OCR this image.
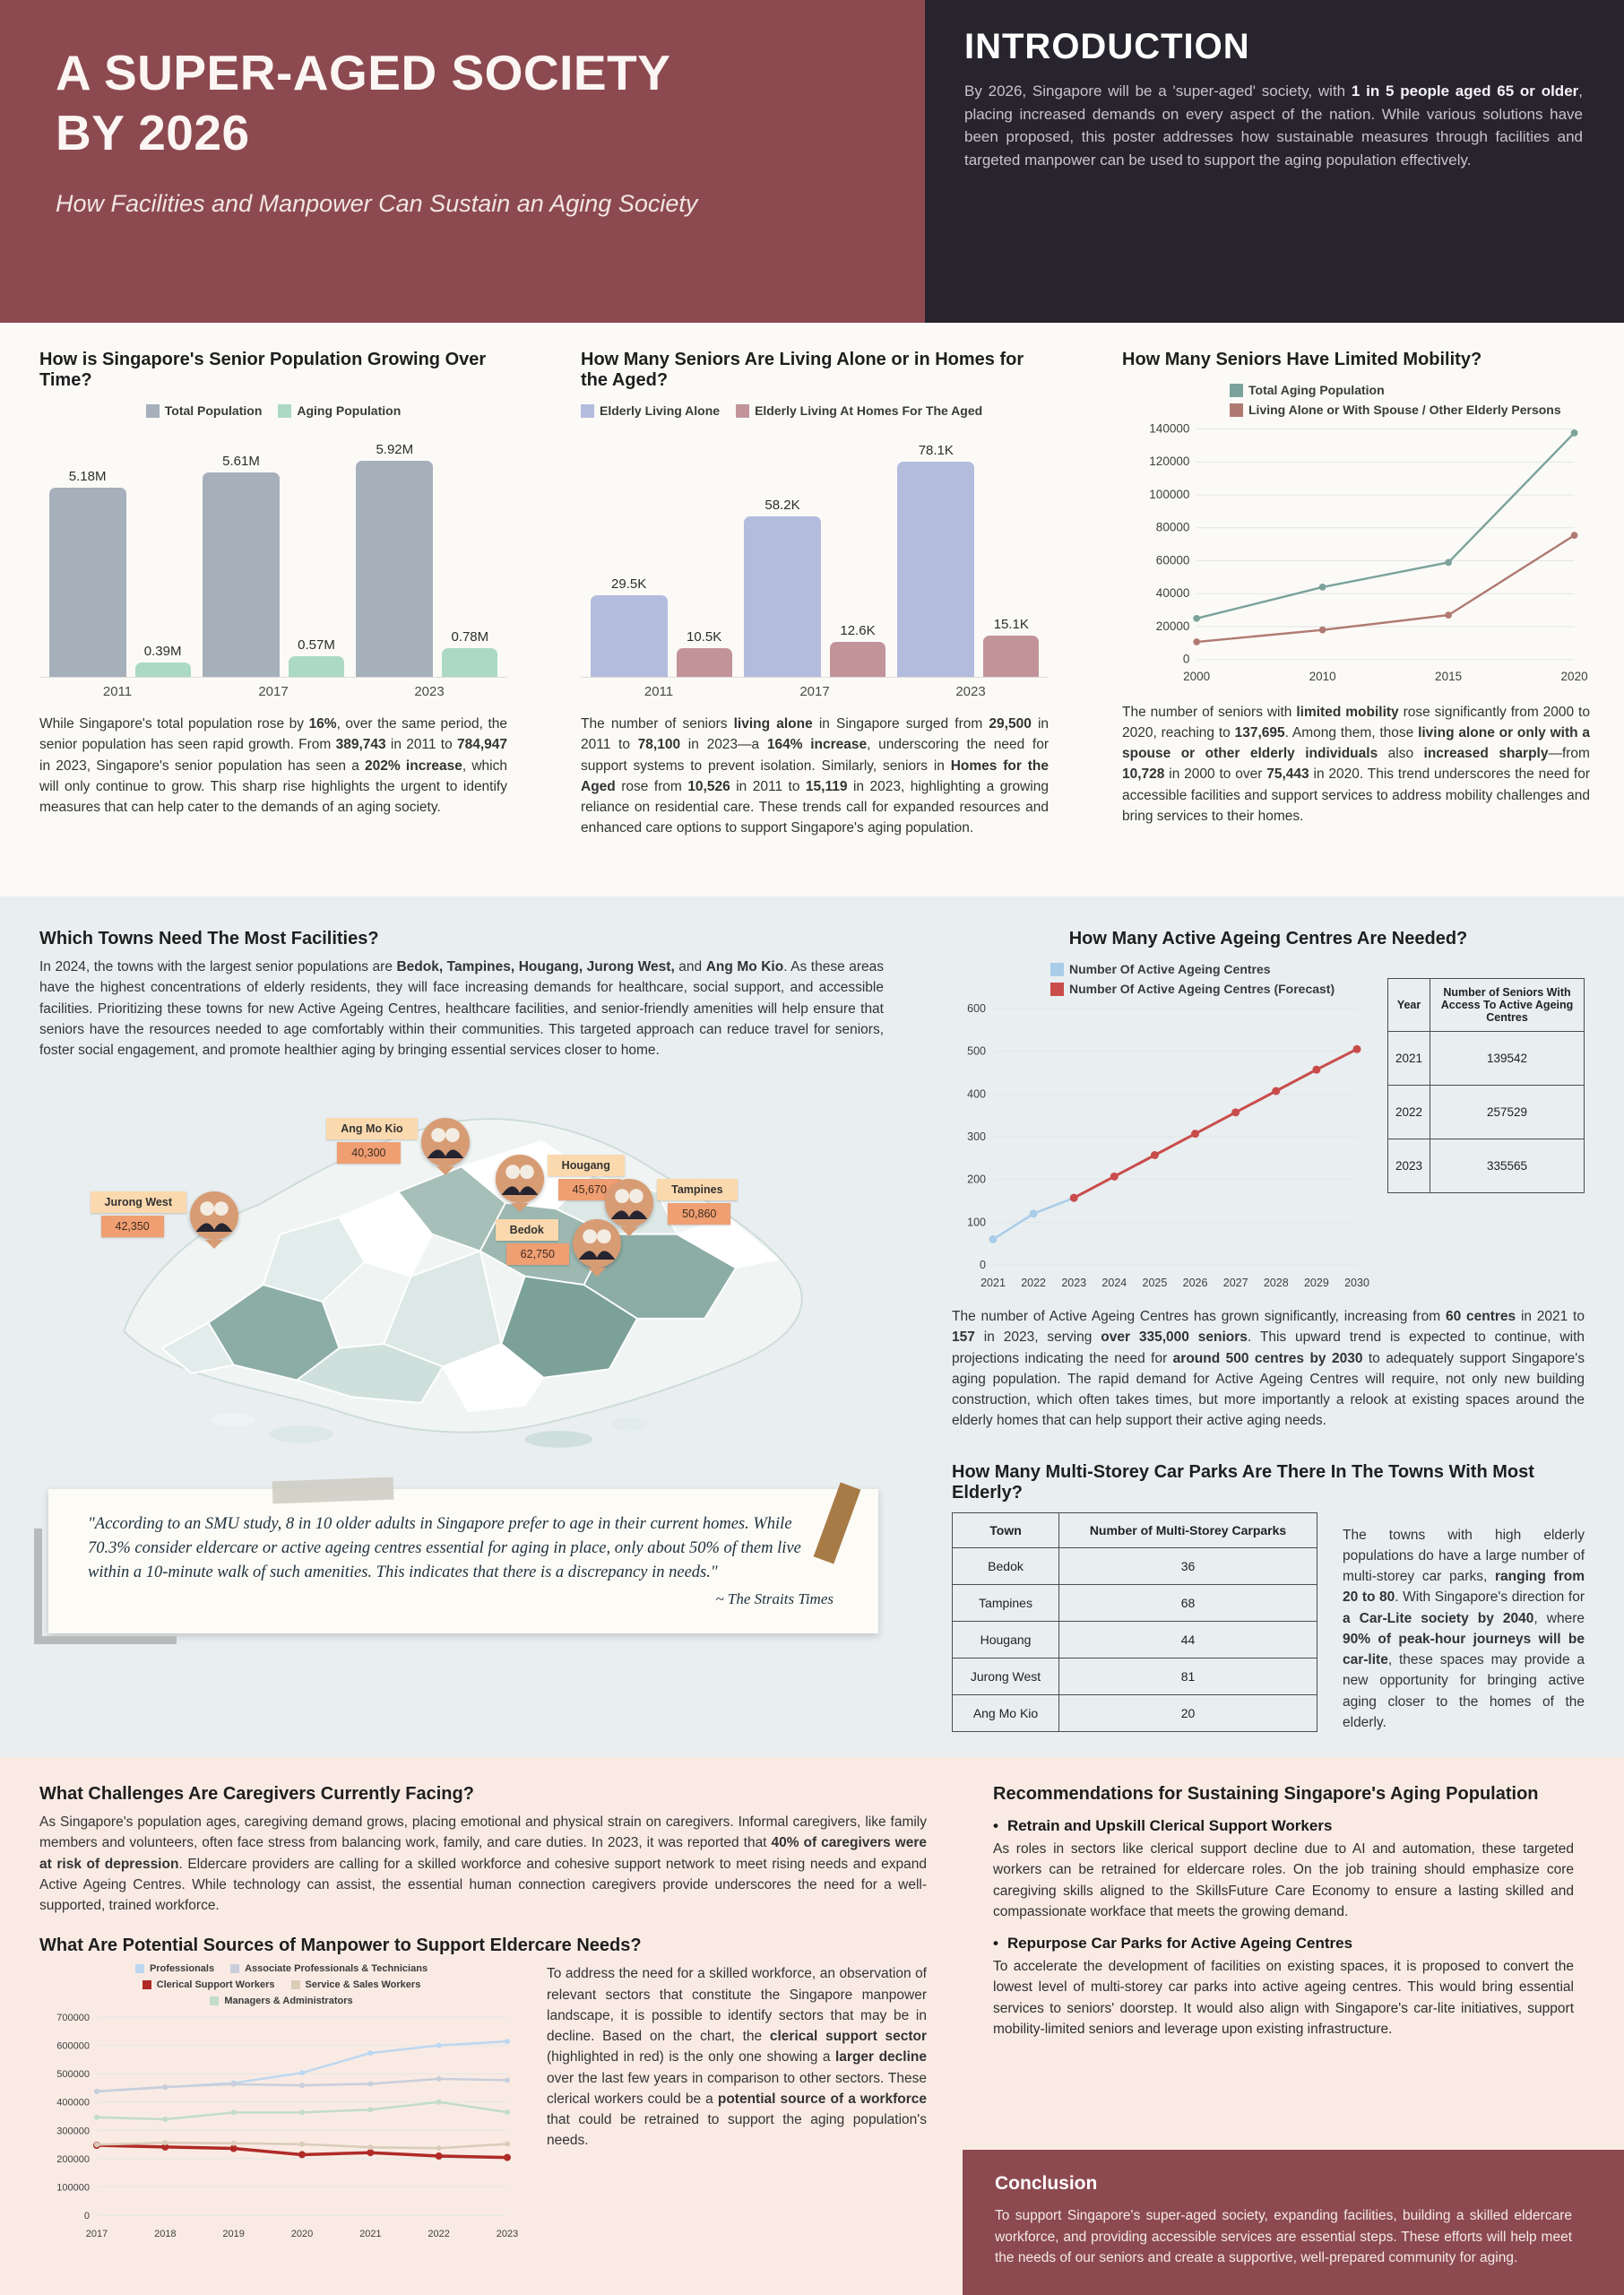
A SUPER-AGED SOCIETY
BY 2026
How Facilities and Manpower Can Sustain an Aging Society
INTRODUCTION
By 2026, Singapore will be a 'super-aged' society, with 1 in 5 people aged 65 or older, placing increased demands on every aspect of the nation. While various solutions have been proposed, this poster addresses how sustainable measures through facilities and targeted manpower can be used to support the aging population effectively.
How is Singapore's Senior Population Growing Over Time?
Total Population	Aging Population
5.18M
0.39M
5.61M
0.57M
5.92M
0.78M
2011	2017	2023
While Singapore's total population rose by 16%, over the same period, the senior population has seen rapid growth. From 389,743 in 2011 to 784,947 in 2023, Singapore's senior population has seen a 202% increase, which will only continue to grow. This sharp rise highlights the urgent to identify measures that can help cater to the demands of an aging society.
How Many Seniors Are Living Alone or in Homes for the Aged?
Elderly Living Alone	Elderly Living At Homes For The Aged
29.5K
10.5K
58.2K
12.6K
78.1K
15.1K
2011	2017	2023
The number of seniors living alone in Singapore surged from 29,500 in 2011 to 78,100 in 2023—a 164% increase, underscoring the need for support systems to prevent isolation. Similarly, seniors in Homes for the Aged rose from 10,526 in 2011 to 15,119 in 2023, highlighting a growing reliance on residential care. These trends call for expanded resources and enhanced care options to support Singapore's aging population.
How Many Seniors Have Limited Mobility?
Total Aging Population
Living Alone or With Spouse / Other Elderly Persons
0
20000
40000
60000
80000
100000
120000
140000
2000	2010	2015	2020
The number of seniors with limited mobility rose significantly from 2000 to 2020, reaching to 137,695. Among them, those living alone or only with a spouse or other elderly individuals also increased sharply—from 10,728 in 2000 to over 75,443 in 2020. This trend underscores the need for accessible facilities and support services to address mobility challenges and bring services to their homes.
Which Towns Need The Most Facilities?
In 2024, the towns with the largest senior populations are Bedok, Tampines, Hougang, Jurong West, and Ang Mo Kio. As these areas have the highest concentrations of elderly residents, they will face increasing demands for healthcare, social support, and accessible facilities. Prioritizing these towns for new Active Ageing Centres, healthcare facilities, and senior-friendly amenities will help ensure that seniors have the resources needed to age comfortably within their communities. This targeted approach can reduce travel for seniors, foster social engagement, and promote healthier aging by bringing essential services closer to home.
Ang Mo Kio
40,300
Hougang
45,670
Jurong West
42,350	Bedok
62,750
Tampines
50,860
"According to an SMU study, 8 in 10 older adults in Singapore prefer to age in their current homes. While 70.3% consider eldercare or active ageing centres essential for aging in place, only about 50% of them live within a 10-minute walk of such amenities. This indicates that there is a discrepancy in needs."
~ The Straits Times
How Many Active Ageing Centres Are Needed?
Number Of Active Ageing Centres
Number Of Active Ageing Centres (Forecast)
0
100
200
300
400
500
600
2021 2022 2023 2024 2025 2026 2027 2028 2029 2030
Year	Number of Seniors With Access To Active Ageing Centres
2021	139542
2022	257529
2023	335565
The number of Active Ageing Centres has grown significantly, increasing from 60 centres in 2021 to 157 in 2023, serving over 335,000 seniors. This upward trend is expected to continue, with projections indicating the need for around 500 centres by 2030 to adequately support Singapore's aging population. The rapid demand for Active Ageing Centres will require, not only new building construction, which often takes times, but more importantly a relook at existing spaces around the elderly homes that can help support their active aging needs.
How Many Multi-Storey Car Parks Are There In The Towns With Most Elderly?
Town	Number of Multi-Storey Carparks
Bedok	36
Tampines	68
Hougang	44
Jurong West	81
Ang Mo Kio	20
The towns with high elderly populations do have a large number of multi-storey car parks, ranging from 20 to 80. With Singapore's direction for a Car-Lite society by 2040, where 90% of peak-hour journeys will be car-lite, these spaces may provide a new opportunity for bringing active aging closer to the homes of the elderly.
What Challenges Are Caregivers Currently Facing?
As Singapore's population ages, caregiving demand grows, placing emotional and physical strain on caregivers. Informal caregivers, like family members and volunteers, often face stress from balancing work, family, and care duties. In 2023, it was reported that 40% of caregivers were at risk of depression. Eldercare providers are calling for a skilled workforce and cohesive support network to meet rising needs and expand Active Ageing Centres. While technology can assist, the essential human connection caregivers provide underscores the need for a well-supported, trained workforce.
What Are Potential Sources of Manpower to Support Eldercare Needs?
Professionals	Associate Professionals & Technicians
Clerical Support Workers	Service & Sales Workers
Managers & Administrators
0
100000
200000
300000
400000
500000
600000
700000
2017	2018	2019	2020	2021	2022	2023
To address the need for a skilled workforce, an observation of relevant sectors that constitute the Singapore manpower landscape, it is possible to identify sectors that may be in decline. Based on the chart, the clerical support sector (highlighted in red) is the only one showing a larger decline over the last few years in comparison to other sectors. These clerical workers could be a potential source of a workforce that could be retrained to support the aging population's needs.
Recommendations for Sustaining Singapore's Aging Population
• Retrain and Upskill Clerical Support Workers
As roles in sectors like clerical support decline due to AI and automation, these targeted workers can be retrained for eldercare roles. On the job training should emphasize core caregiving skills aligned to the SkillsFuture Care Economy to ensure a lasting skilled and compassionate workface that meets the growing demand.
• Repurpose Car Parks for Active Ageing Centres
To accelerate the development of facilities on existing spaces, it is proposed to convert the lowest level of multi-storey car parks into active ageing centres. This would bring essential services to seniors' doorstep. It would also align with Singapore's car-lite initiatives, support mobility-limited seniors and leverage upon existing infrastructure.
Conclusion
To support Singapore's super-aged society, expanding facilities, building a skilled eldercare workforce, and providing accessible services are essential steps. These efforts will help meet the needs of our seniors and create a supportive, well-prepared community for aging.
